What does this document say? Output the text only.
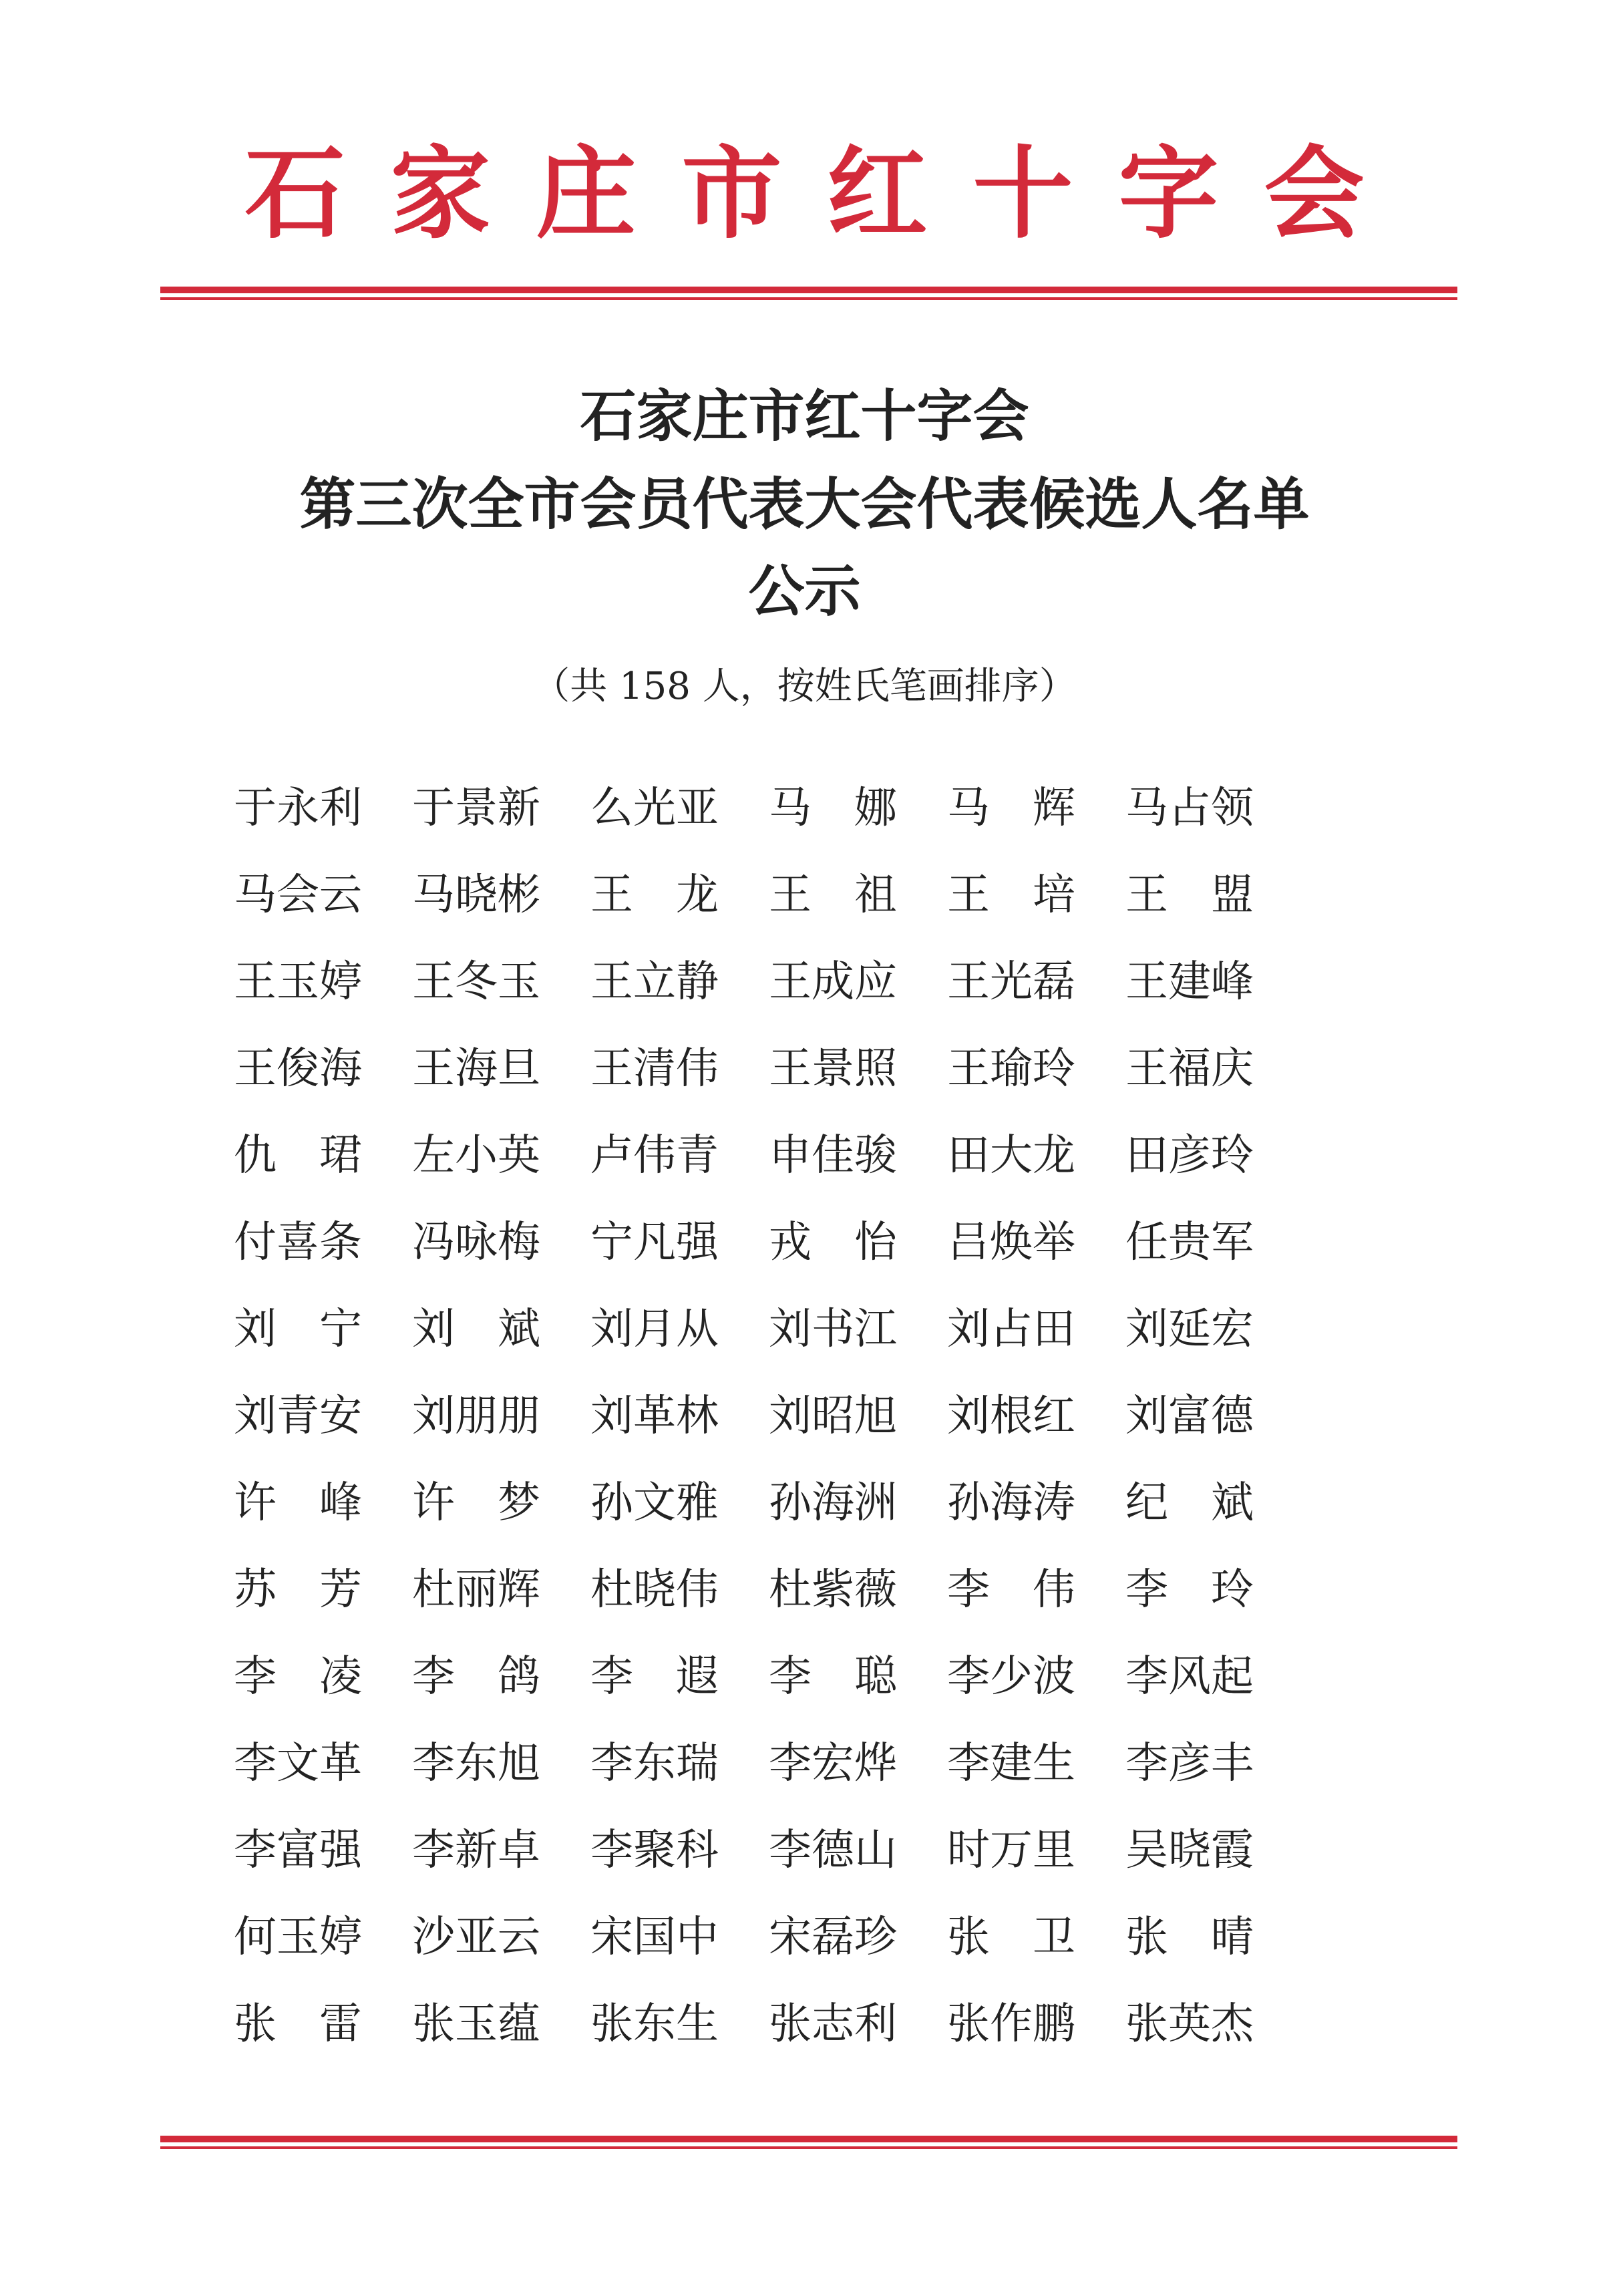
石家庄市红十字会
石家庄市红十字会
第三次全市会员代表大会代表候选人名单
公示
（共 158 人，按姓氏笔画排序）
于 永 利 于 景 新 么 光 亚 马 娜 马 辉 马 占 领
马 会 云 马 晓 彬 王 龙 王 祖 王 培 王 盟
王 玉 婷 王 冬 玉 王 立 静 王 成 应 王 光 磊 王 建 峰
王 俊 海 王 海 旦 王 清 伟 王 景 照 王 瑜 玲 王 福 庆
仇 珺 左 小 英 卢 伟 青 申 佳 骏 田 大 龙 田 彦 玲
付 喜 条 冯 咏 梅 宁 凡 强 戎 怡 吕 焕 举 任 贵 军
刘 宁 刘 斌 刘 月 从 刘 书 江 刘 占 田 刘 延 宏
刘 青 安 刘 朋 朋 刘 革 林 刘 昭 旭 刘 根 红 刘 富 德
许 峰 许 梦 孙 文 雅 孙 海 洲 孙 海 涛 纪 斌
苏 芳 杜 丽 辉 杜 晓 伟 杜 紫 薇 李 伟 李 玲
李 凌 李 鸽 李 遐 李 聪 李 少 波 李 风 起
李 文 革 李 东 旭 李 东 瑞 李 宏 烨 李 建 生 李 彦 丰
李 富 强 李 新 卓 李 聚 科 李 德 山 时 万 里 吴 晓 霞
何 玉 婷 沙 亚 云 宋 国 中 宋 磊 珍 张 卫 张 晴
张 雷 张 玉 蕴 张 东 生 张 志 利 张 作 鹏 张 英 杰
